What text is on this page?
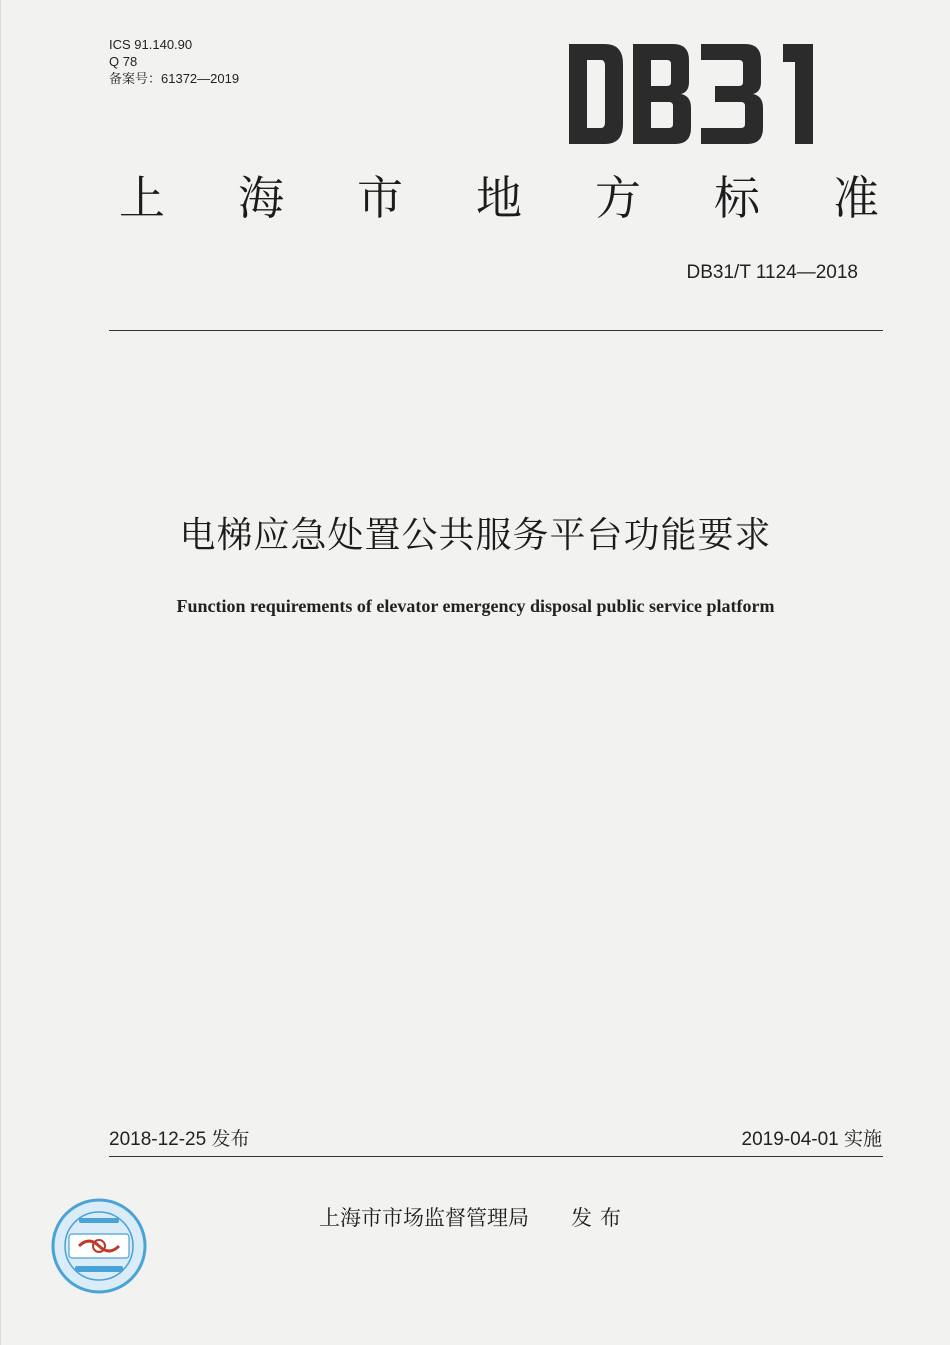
ICS 91.140.90
Q 78
备案号：61372—2019
上 海 市 地 方 标 准
DB31/T 1124—2018
电梯应急处置公共服务平台功能要求
Function requirements of elevator emergency disposal public service platform
2018-12-25 发布	2019-04-01 实施
上海市市场监督管理局 发布
